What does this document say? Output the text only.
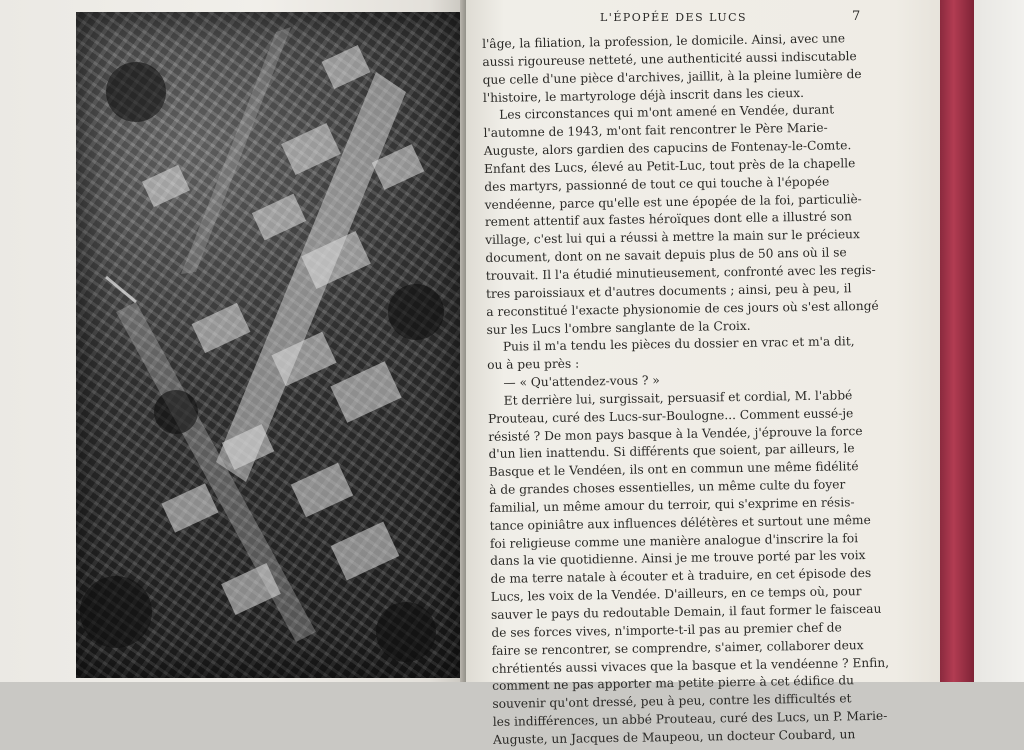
L'ÉPOPÉE DES LUCS	7
l'âge, la filiation, la profession, le domicile. Ainsi, avec une
aussi rigoureuse netteté, une authenticité aussi indiscutable
que celle d'une pièce d'archives, jaillit, à la pleine lumière de
l'histoire, le martyrologe déjà inscrit dans les cieux.
Les circonstances qui m'ont amené en Vendée, durant
l'automne de 1943, m'ont fait rencontrer le Père Marie-
Auguste, alors gardien des capucins de Fontenay-le-Comte.
Enfant des Lucs, élevé au Petit-Luc, tout près de la chapelle
des martyrs, passionné de tout ce qui touche à l'épopée
vendéenne, parce qu'elle est une épopée de la foi, particuliè-
rement attentif aux fastes héroïques dont elle a illustré son
village, c'est lui qui a réussi à mettre la main sur le précieux
document, dont on ne savait depuis plus de 50 ans où il se
trouvait. Il l'a étudié minutieusement, confronté avec les regis-
tres paroissiaux et d'autres documents ; ainsi, peu à peu, il
a reconstitué l'exacte physionomie de ces jours où s'est allongé
sur les Lucs l'ombre sanglante de la Croix.
Puis il m'a tendu les pièces du dossier en vrac et m'a dit,
ou à peu près :
— « Qu'attendez-vous ? »
Et derrière lui, surgissait, persuasif et cordial, M. l'abbé
Prouteau, curé des Lucs-sur-Boulogne... Comment eussé-je
résisté ? De mon pays basque à la Vendée, j'éprouve la force
d'un lien inattendu. Si différents que soient, par ailleurs, le
Basque et le Vendéen, ils ont en commun une même fidélité
à de grandes choses essentielles, un même culte du foyer
familial, un même amour du terroir, qui s'exprime en résis-
tance opiniâtre aux influences délétères et surtout une même
foi religieuse comme une manière analogue d'inscrire la foi
dans la vie quotidienne. Ainsi je me trouve porté par les voix
de ma terre natale à écouter et à traduire, en cet épisode des
Lucs, les voix de la Vendée. D'ailleurs, en ce temps où, pour
sauver le pays du redoutable Demain, il faut former le faisceau
de ses forces vives, n'importe-t-il pas au premier chef de
faire se rencontrer, se comprendre, s'aimer, collaborer deux
chrétientés aussi vivaces que la basque et la vendéenne ? Enfin,
comment ne pas apporter ma petite pierre à cet édifice du
souvenir qu'ont dressé, peu à peu, contre les difficultés et
les indifférences, un abbé Prouteau, curé des Lucs, un P. Marie-
Auguste, un Jacques de Maupeou, un docteur Coubard, un
